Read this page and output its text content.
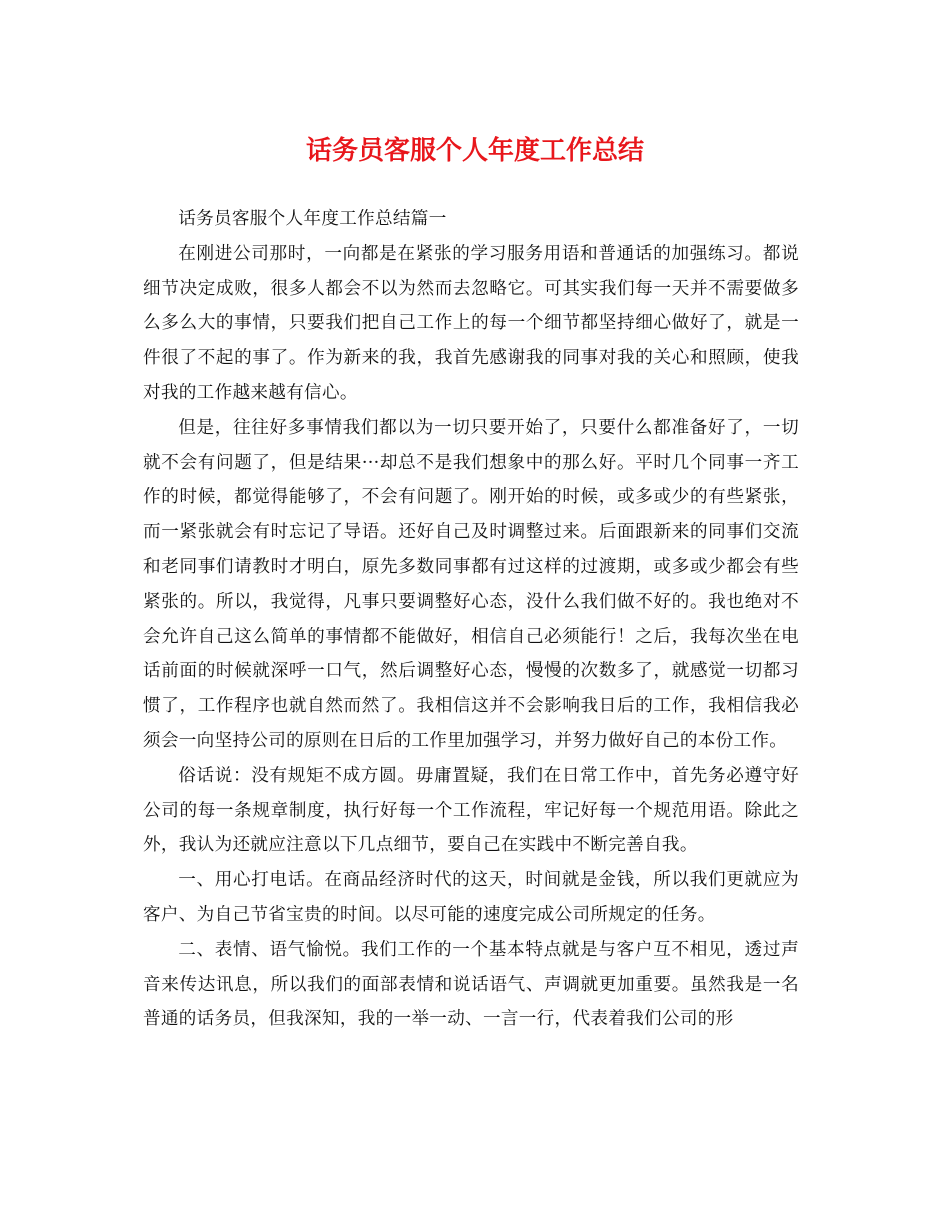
话务员客服个人年度工作总结

话务员客服个人年度工作总结篇一

在刚进公司那时，一向都是在紧张的学习服务用语和普通话的加强练习。都说细节决定成败，很多人都会不以为然而去忽略它。可其实我们每一天并不需要做多么多么大的事情，只要我们把自己工作上的每一个细节都坚持细心做好了，就是一件很了不起的事了。作为新来的我，我首先感谢我的同事对我的关心和照顾，使我对我的工作越来越有信心。

但是，往往好多事情我们都以为一切只要开始了，只要什么都准备好了，一切就不会有问题了，但是结果···却总不是我们想象中的那么好。平时几个同事一齐工作的时候，都觉得能够了，不会有问题了。刚开始的时候，或多或少的有些紧张，而一紧张就会有时忘记了导语。还好自己及时调整过来。后面跟新来的同事们交流和老同事们请教时才明白，原先多数同事都有过这样的过渡期，或多或少都会有些紧张的。所以，我觉得，凡事只要调整好心态，没什么我们做不好的。我也绝对不会允许自己这么简单的事情都不能做好，相信自己必须能行！之后，我每次坐在电话前面的时候就深呼一口气，然后调整好心态，慢慢的次数多了，就感觉一切都习惯了，工作程序也就自然而然了。我相信这并不会影响我日后的工作，我相信我必须会一向坚持公司的原则在日后的工作里加强学习，并努力做好自己的本份工作。

俗话说：没有规矩不成方圆。毋庸置疑，我们在日常工作中，首先务必遵守好公司的每一条规章制度，执行好每一个工作流程，牢记好每一个规范用语。除此之外，我认为还就应注意以下几点细节，要自己在实践中不断完善自我。

一、用心打电话。在商品经济时代的这天，时间就是金钱，所以我们更就应为客户、为自己节省宝贵的时间。以尽可能的速度完成公司所规定的任务。

二、表情、语气愉悦。我们工作的一个基本特点就是与客户互不相见，透过声音来传达讯息，所以我们的面部表情和说话语气、声调就更加重要。虽然我是一名普通的话务员，但我深知，我的一举一动、一言一行，代表着我们公司的形
